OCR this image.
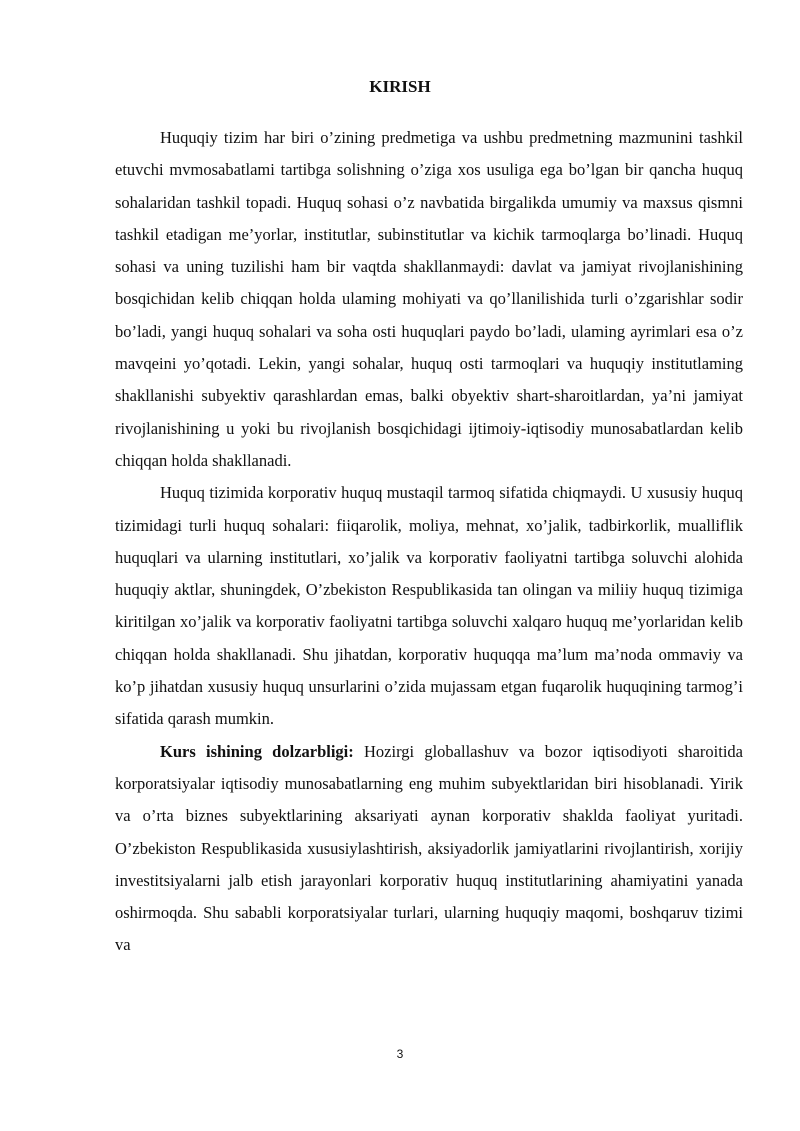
KIRISH

Huquqiy tizim har biri o’zining predmetiga va ushbu predmetning mazmunini tashkil etuvchi mvmosabatlami tartibga solishning o’ziga xos usuliga ega bo’lgan bir qancha huquq sohalaridan tashkil topadi. Huquq sohasi o’z navbatida birgalikda umumiy va maxsus qismni tashkil etadigan me’yorlar, institutlar, subinstitutlar va kichik tarmoqlarga bo’linadi. Huquq sohasi va uning tuzilishi ham bir vaqtda shakllanmaydi: davlat va jamiyat rivojlanishining bosqichidan kelib chiqqan holda ulaming mohiyati va qo’llanilishida turli o’zgarishlar sodir bo’ladi, yangi huquq sohalari va soha osti huquqlari paydo bo’ladi, ulaming ayrimlari esa o’z mavqeini yo’qotadi. Lekin, yangi sohalar, huquq osti tarmoqlari va huquqiy institutlaming shakllanishi subyektiv qarashlardan emas, balki obyektiv shart-sharoitlardan, ya’ni jamiyat rivojlanishining u yoki bu rivojlanish bosqichidagi ijtimoiy-iqtisodiy munosabatlardan kelib chiqqan holda shakllanadi.

Huquq tizimida korporativ huquq mustaqil tarmoq sifatida chiqmaydi. U xususiy huquq tizimidagi turli huquq sohalari: fiiqarolik, moliya, mehnat, xo’jalik, tadbirkorlik, mualliflik huquqlari va ularning institutlari, xo’jalik va korporativ faoliyatni tartibga soluvchi alohida huquqiy aktlar, shuningdek, O’zbekiston Respublikasida tan olingan va miliiy huquq tizimiga kiritilgan xo’jalik va korporativ faoliyatni tartibga soluvchi xalqaro huquq me’yorlaridan kelib chiqqan holda shakllanadi. Shu jihatdan, korporativ huquqqa ma’lum ma’noda ommaviy va ko’p jihatdan xususiy huquq unsurlarini o’zida mujassam etgan fuqarolik huquqining tarmog’i sifatida qarash mumkin.

Kurs ishining dolzarbligi: Hozirgi globallashuv va bozor iqtisodiyoti sharoitida korporatsiyalar iqtisodiy munosabatlarning eng muhim subyektlaridan biri hisoblanadi. Yirik va o’rta biznes subyektlarining aksariyati aynan korporativ shaklda faoliyat yuritadi. O’zbekiston Respublikasida xususiylashtirish, aksiyadorlik jamiyatlarini rivojlantirish, xorijiy investitsiyalarni jalb etish jarayonlari korporativ huquq institutlarining ahamiyatini yanada oshirmoqda. Shu sababli korporatsiyalar turlari, ularning huquqiy maqomi, boshqaruv tizimi va

3
